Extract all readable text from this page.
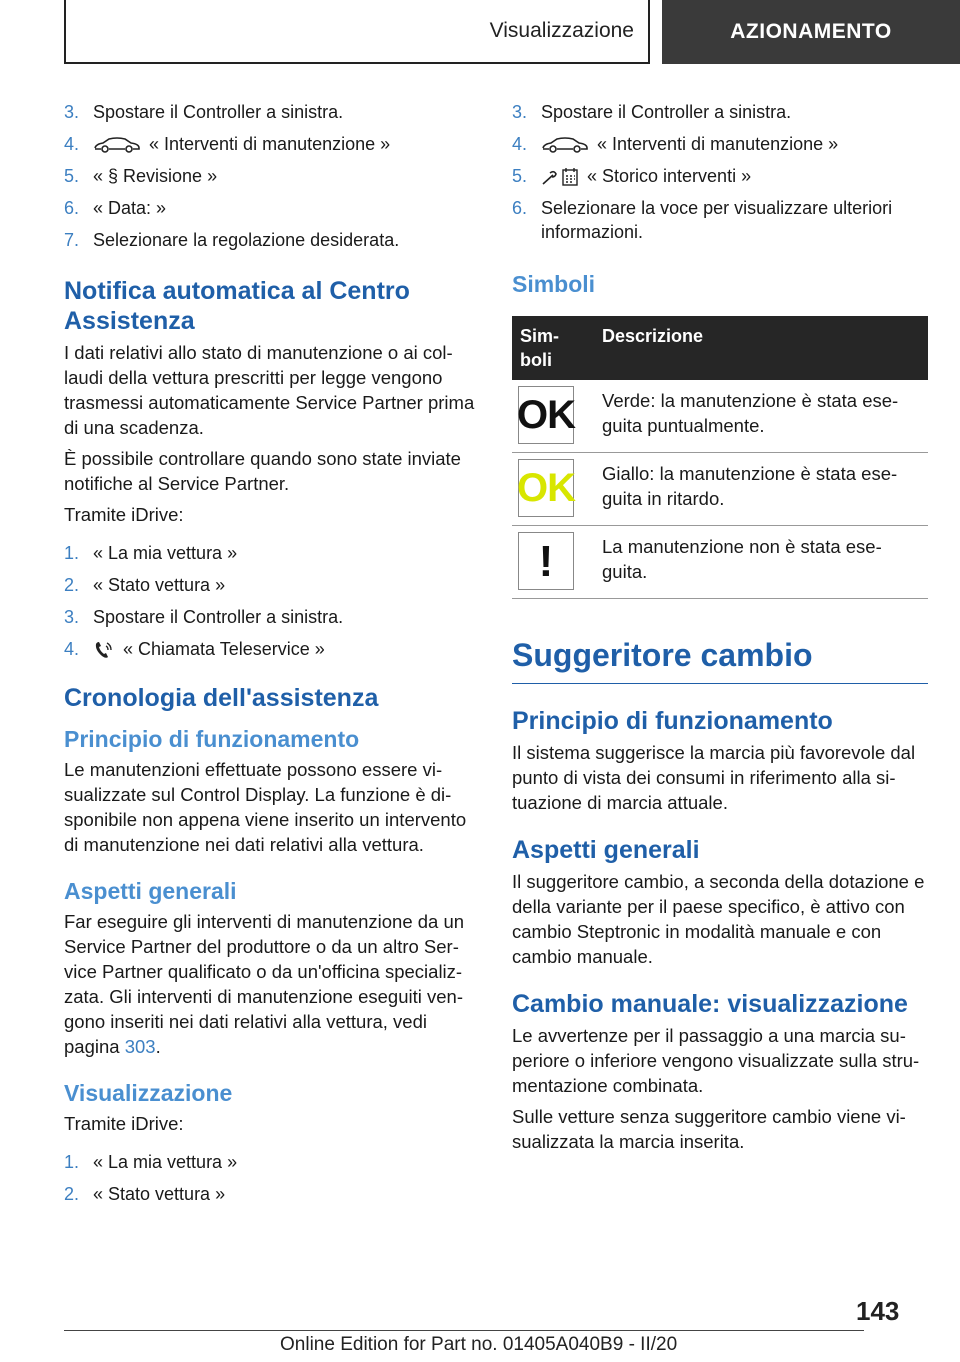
Visualizzazione	AZIONAMENTO
3. Spostare il Controller a sinistra.
4.	« Interventi di manutenzione »
5. « § Revisione »
6. « Data: »
7. Selezionare la regolazione desiderata.
Notifica automatica al Centro Assistenza

I dati relativi allo stato di manutenzione o ai col-laudi della vettura prescritti per legge vengono trasmessi automaticamente Service Partner prima di una scadenza.

È possibile controllare quando sono state inviate notifiche al Service Partner.

Tramite iDrive:

1. « La mia vettura »
2. « Stato vettura »
3. Spostare il Controller a sinistra.
4.	« Chiamata Teleservice »
Cronologia dell'assistenza
Principio di funzionamento

Le manutenzioni effettuate possono essere vi-sualizzate sul Control Display. La funzione è di-sponibile non appena viene inserito un intervento di manutenzione nei dati relativi alla vettura.

Aspetti generali

Far eseguire gli interventi di manutenzione da un Service Partner del produttore o da un altro Ser-vice Partner qualificato o da un'officina specializ-zata. Gli interventi di manutenzione eseguiti ven-gono inseriti nei dati relativi alla vettura, vedi pagina 303.

Visualizzazione

Tramite iDrive:

1. « La mia vettura »
2. « Stato vettura »
3. Spostare il Controller a sinistra.
4.	« Interventi di manutenzione »
5.	« Storico interventi »
6. Selezionare la voce per visualizzare ulteriori informazioni.
Simboli
Sim-boli	Descrizione

OK	Verde: la manutenzione è stata ese-guita puntualmente.

OK	Giallo: la manutenzione è stata ese-guita in ritardo.

!	La manutenzione non è stata ese-guita.
Suggeritore cambio
Principio di funzionamento

Il sistema suggerisce la marcia più favorevole dal punto di vista dei consumi in riferimento alla si-tuazione di marcia attuale.

Aspetti generali

Il suggeritore cambio, a seconda della dotazione e della variante per il paese specifico, è attivo con cambio Steptronic in modalità manuale e con cambio manuale.

Cambio manuale: visualizzazione

Le avvertenze per il passaggio a una marcia su-periore o inferiore vengono visualizzate sulla stru-mentazione combinata.

Sulle vetture senza suggeritore cambio viene vi-sualizzata la marcia inserita.

143
Online Edition for Part no. 01405A040B9 - II/20
